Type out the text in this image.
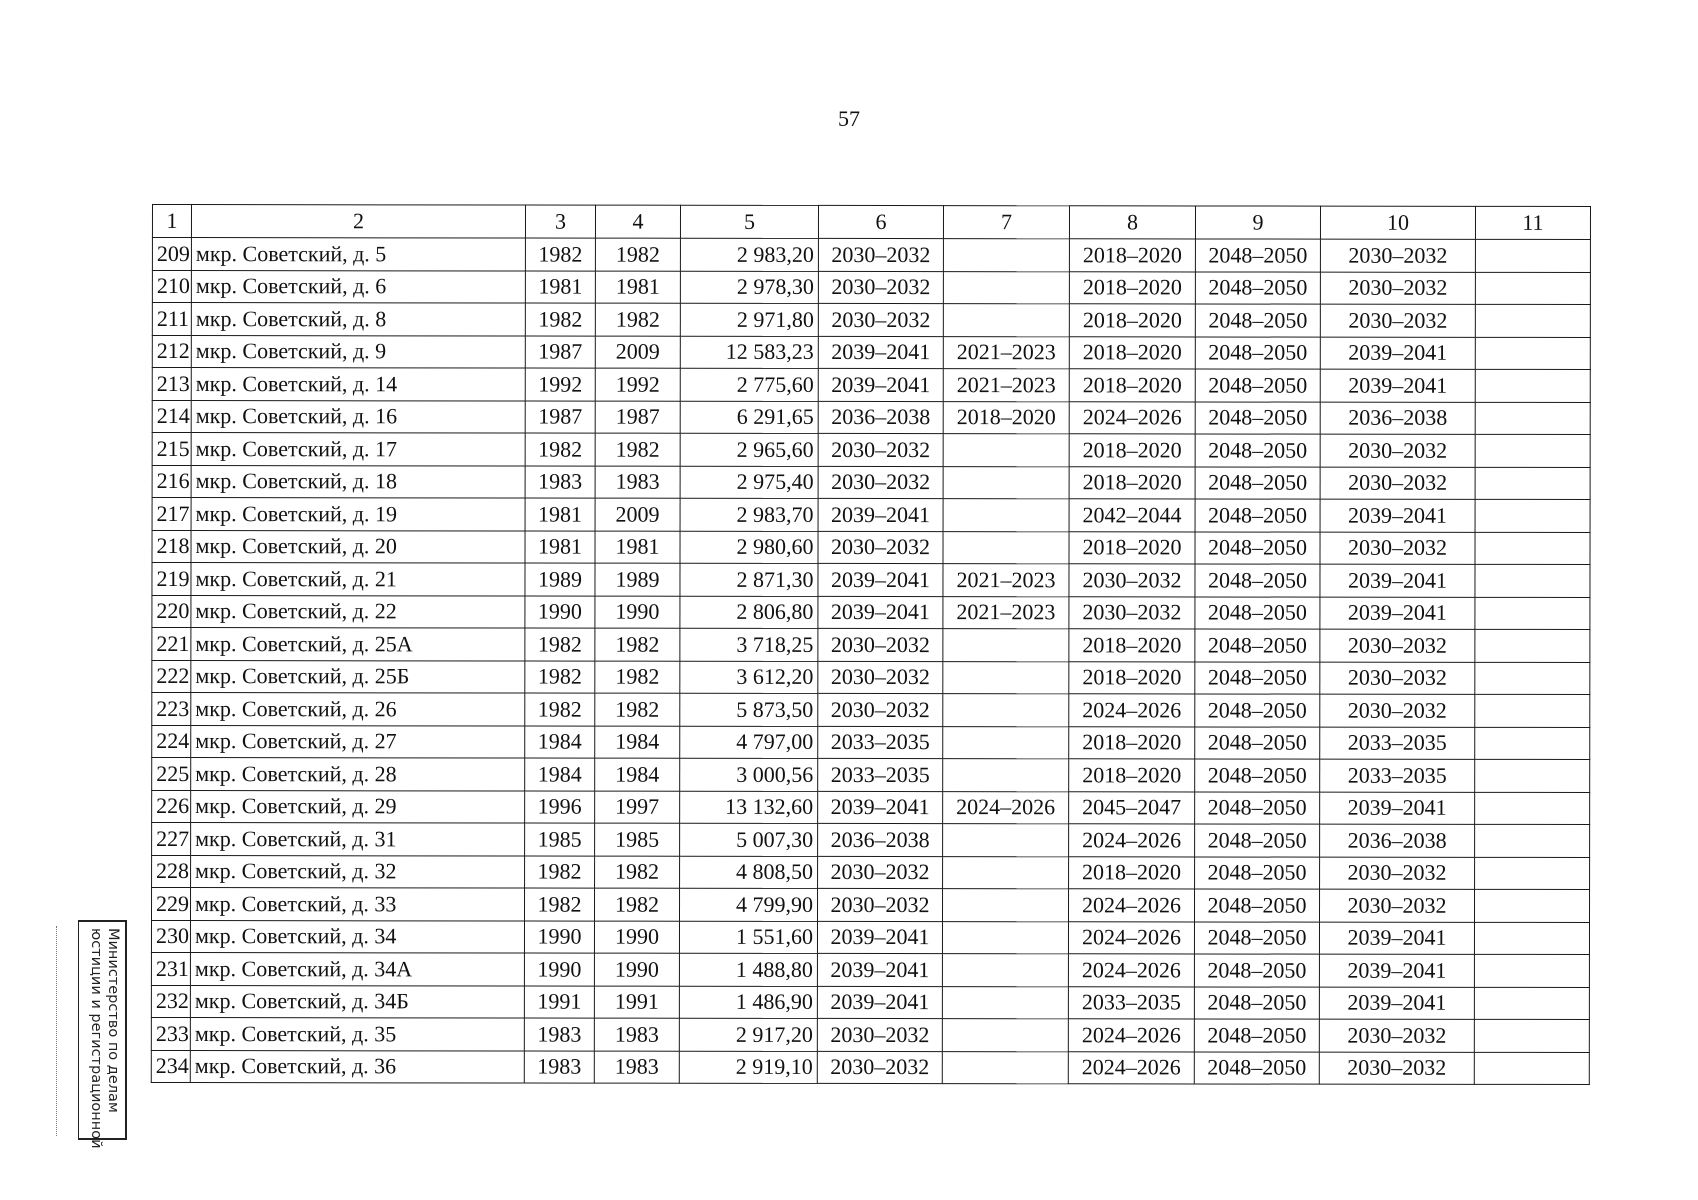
57
1	2	3	4	5	6	7	8	9	10	11
209	мкр. Советский, д. 5	1982	1982	2 983,20	2030–2032		2018–2020	2048–2050	2030–2032	
210	мкр. Советский, д. 6	1981	1981	2 978,30	2030–2032		2018–2020	2048–2050	2030–2032	
211	мкр. Советский, д. 8	1982	1982	2 971,80	2030–2032		2018–2020	2048–2050	2030–2032	
212	мкр. Советский, д. 9	1987	2009	12 583,23	2039–2041	2021–2023	2018–2020	2048–2050	2039–2041	
213	мкр. Советский, д. 14	1992	1992	2 775,60	2039–2041	2021–2023	2018–2020	2048–2050	2039–2041	
214	мкр. Советский, д. 16	1987	1987	6 291,65	2036–2038	2018–2020	2024–2026	2048–2050	2036–2038	
215	мкр. Советский, д. 17	1982	1982	2 965,60	2030–2032		2018–2020	2048–2050	2030–2032	
216	мкр. Советский, д. 18	1983	1983	2 975,40	2030–2032		2018–2020	2048–2050	2030–2032	
217	мкр. Советский, д. 19	1981	2009	2 983,70	2039–2041		2042–2044	2048–2050	2039–2041	
218	мкр. Советский, д. 20	1981	1981	2 980,60	2030–2032		2018–2020	2048–2050	2030–2032	
219	мкр. Советский, д. 21	1989	1989	2 871,30	2039–2041	2021–2023	2030–2032	2048–2050	2039–2041	
220	мкр. Советский, д. 22	1990	1990	2 806,80	2039–2041	2021–2023	2030–2032	2048–2050	2039–2041	
221	мкр. Советский, д. 25А	1982	1982	3 718,25	2030–2032		2018–2020	2048–2050	2030–2032	
222	мкр. Советский, д. 25Б	1982	1982	3 612,20	2030–2032		2018–2020	2048–2050	2030–2032	
223	мкр. Советский, д. 26	1982	1982	5 873,50	2030–2032		2024–2026	2048–2050	2030–2032	
224	мкр. Советский, д. 27	1984	1984	4 797,00	2033–2035		2018–2020	2048–2050	2033–2035	
225	мкр. Советский, д. 28	1984	1984	3 000,56	2033–2035		2018–2020	2048–2050	2033–2035	
226	мкр. Советский, д. 29	1996	1997	13 132,60	2039–2041	2024–2026	2045–2047	2048–2050	2039–2041	
227	мкр. Советский, д. 31	1985	1985	5 007,30	2036–2038		2024–2026	2048–2050	2036–2038	
228	мкр. Советский, д. 32	1982	1982	4 808,50	2030–2032		2018–2020	2048–2050	2030–2032	
229	мкр. Советский, д. 33	1982	1982	4 799,90	2030–2032		2024–2026	2048–2050	2030–2032	
230	мкр. Советский, д. 34	1990	1990	1 551,60	2039–2041		2024–2026	2048–2050	2039–2041	
231	мкр. Советский, д. 34А	1990	1990	1 488,80	2039–2041		2024–2026	2048–2050	2039–2041	
232	мкр. Советский, д. 34Б	1991	1991	1 486,90	2039–2041		2033–2035	2048–2050	2039–2041	
233	мкр. Советский, д. 35	1983	1983	2 917,20	2030–2032		2024–2026	2048–2050	2030–2032	
234	мкр. Советский, д. 36	1983	1983	2 919,10	2030–2032		2024–2026	2048–2050	2030–2032	
Министерство по делам
юстиции и регистрационной
